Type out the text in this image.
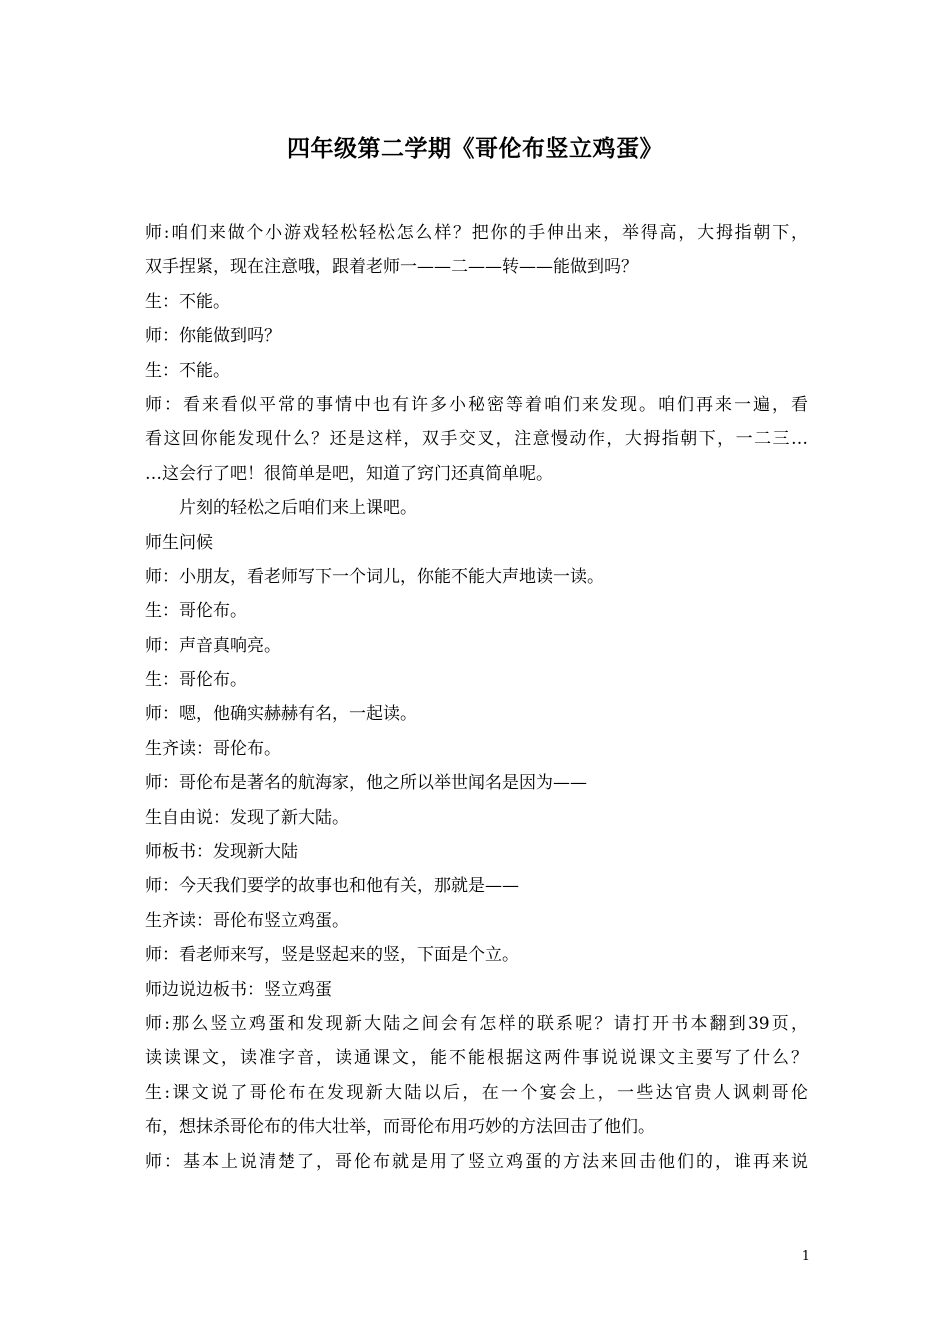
四年级第二学期《哥伦布竖立鸡蛋》
师:咱们来做个小游戏轻松轻松怎么样？把你的手伸出来，举得高，大拇指朝下，
双手捏紧，现在注意哦，跟着老师一——二——转——能做到吗？
生：不能。
师：你能做到吗？
生：不能。
师：看来看似平常的事情中也有许多小秘密等着咱们来发现。咱们再来一遍，看
看这回你能发现什么？还是这样，双手交叉，注意慢动作，大拇指朝下，一二三…
…这会行了吧！很简单是吧，知道了窍门还真简单呢。
片刻的轻松之后咱们来上课吧。
师生问候
师：小朋友，看老师写下一个词儿，你能不能大声地读一读。
生：哥伦布。
师：声音真响亮。
生：哥伦布。
师：嗯，他确实赫赫有名，一起读。
生齐读：哥伦布。
师：哥伦布是著名的航海家，他之所以举世闻名是因为——
生自由说：发现了新大陆。
师板书：发现新大陆
师：今天我们要学的故事也和他有关，那就是——
生齐读：哥伦布竖立鸡蛋。
师：看老师来写，竖是竖起来的竖，下面是个立。
师边说边板书：竖立鸡蛋
师:那么竖立鸡蛋和发现新大陆之间会有怎样的联系呢？请打开书本翻到39页，
读读课文，读准字音，读通课文，能不能根据这两件事说说课文主要写了什么？
生:课文说了哥伦布在发现新大陆以后，在一个宴会上，一些达官贵人讽刺哥伦
布，想抹杀哥伦布的伟大壮举，而哥伦布用巧妙的方法回击了他们。
师：基本上说清楚了，哥伦布就是用了竖立鸡蛋的方法来回击他们的，谁再来说
1
